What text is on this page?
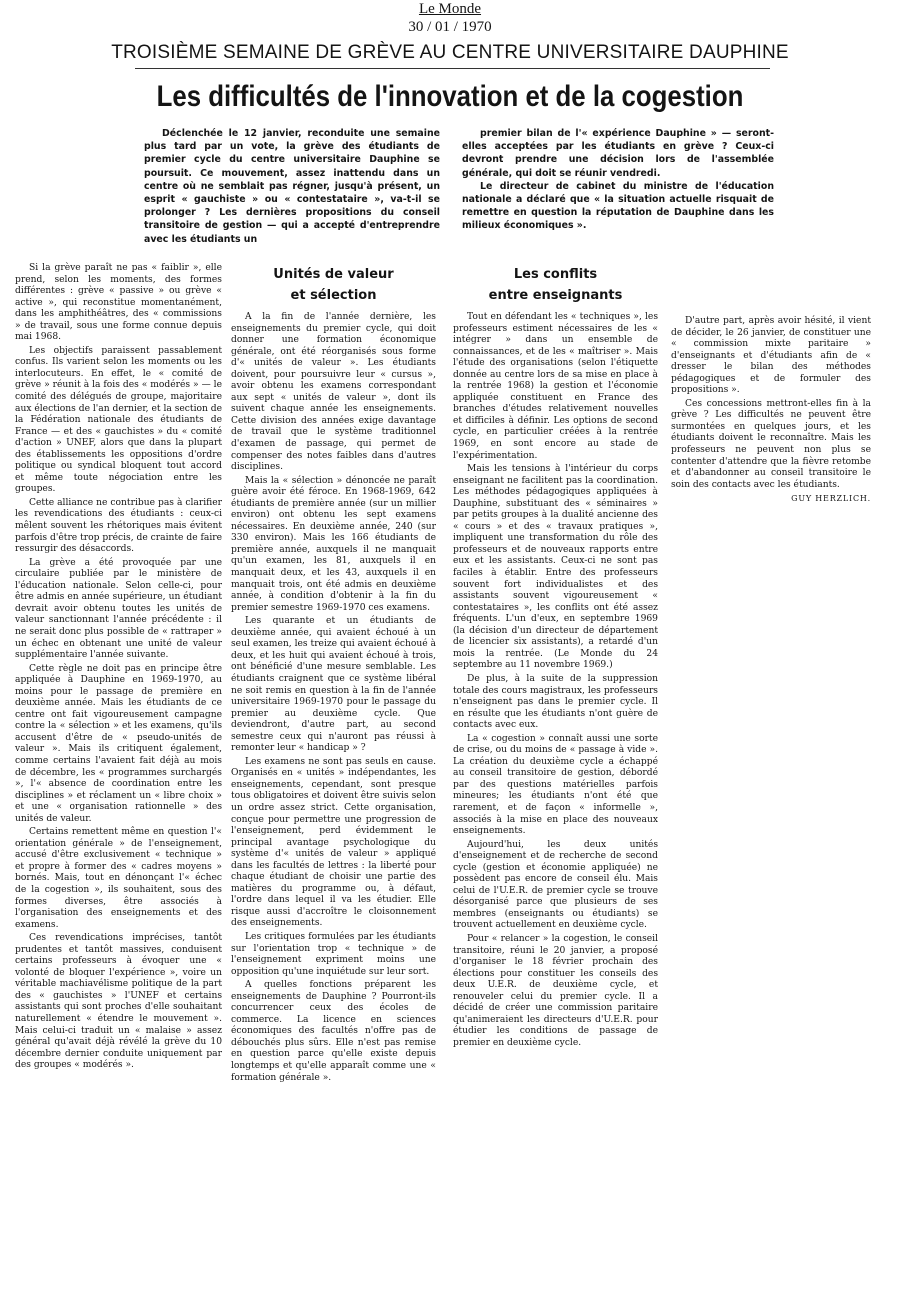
Le Monde
30 / 01 / 1970
TROISIÈME SEMAINE DE GRÈVE AU CENTRE UNIVERSITAIRE DAUPHINE
Les difficultés de l'innovation et de la cogestion

Déclenchée le 12 janvier, reconduite une semaine plus tard par un vote, la grève des étudiants de premier cycle du centre universitaire Dauphine se poursuit. Ce mouvement, assez inattendu dans un centre où ne semblait pas régner, jusqu'à présent, un esprit « gauchiste » ou « contestataire », va-t-il se prolonger ? Les dernières propositions du conseil transitoire de gestion — qui a accepté d'entreprendre avec les étudiants un

premier bilan de l'« expérience Dauphine » — seront-elles acceptées par les étudiants en grève ? Ceux-ci devront prendre une décision lors de l'assemblée générale, qui doit se réunir vendredi.

Le directeur de cabinet du ministre de l'éducation nationale a déclaré que « la situation actuelle risquait de remettre en question la réputation de Dauphine dans les milieux économiques ».

Si la grève paraît ne pas « faiblir », elle prend, selon les moments, des formes différentes : grève « passive » ou grève « active », qui reconstitue momentanément, dans les amphithéâtres, des « commissions » de travail, sous une forme connue depuis mai 1968.

Les objectifs paraissent passablement confus. Ils varient selon les moments ou les interlocuteurs. En effet, le « comité de grève » réunit à la fois des « modérés » — le comité des délégués de groupe, majoritaire aux élections de l'an dernier, et la section de la Fédération nationale des étudiants de France — et des « gauchistes » du « comité d'action » UNEF, alors que dans la plupart des établissements les oppositions d'ordre politique ou syndical bloquent tout accord et même toute négociation entre les groupes.

Cette alliance ne contribue pas à clarifier les revendications des étudiants : ceux-ci mêlent souvent les rhétoriques mais évitent parfois d'être trop précis, de crainte de faire ressurgir des désaccords.

La grève a été provoquée par une circulaire publiée par le ministère de l'éducation nationale. Selon celle-ci, pour être admis en année supérieure, un étudiant devrait avoir obtenu toutes les unités de valeur sanctionnant l'année précédente : il ne serait donc plus possible de « rattraper » un échec en obtenant une unité de valeur supplémentaire l'année suivante.

Cette règle ne doit pas en principe être appliquée à Dauphine en 1969-1970, au moins pour le passage de première en deuxième année. Mais les étudiants de ce centre ont fait vigoureusement campagne contre la « sélection » et les examens, qu'ils accusent d'être de « pseudo-unités de valeur ». Mais ils critiquent également, comme certains l'avaient fait déjà au mois de décembre, les « programmes surchargés », l'« absence de coordination entre les disciplines » et réclament un « libre choix » et une « organisation rationnelle » des unités de valeur.

Certains remettent même en question l'« orientation générale » de l'enseignement, accusé d'être exclusivement « technique » et propre à former des « cadres moyens » bornés. Mais, tout en dénonçant l'« échec de la cogestion », ils souhaitent, sous des formes diverses, être associés à l'organisation des enseignements et des examens.

Ces revendications imprécises, tantôt prudentes et tantôt massives, conduisent certains professeurs à évoquer une « volonté de bloquer l'expérience », voire un véritable machiavélisme politique de la part des « gauchistes » l'UNEF et certains assistants qui sont proches d'elle souhaitant naturellement « étendre le mouvement ». Mais celui-ci traduit un « malaise » assez général qu'avait déjà révélé la grève du 10 décembre dernier conduite uniquement par des groupes « modérés ».

Unités de valeur
et sélection

A la fin de l'année dernière, les enseignements du premier cycle, qui doit donner une formation économique générale, ont été réorganisés sous forme d'« unités de valeur ». Les étudiants doivent, pour poursuivre leur « cursus », avoir obtenu les examens correspondant aux sept « unités de valeur », dont ils suivent chaque année les enseignements. Cette division des années exige davantage de travail que le système traditionnel d'examen de passage, qui permet de compenser des notes faibles dans d'autres disciplines.

Mais la « sélection » dénoncée ne paraît guère avoir été féroce. En 1968-1969, 642 étudiants de première année (sur un millier environ) ont obtenu les sept examens nécessaires. En deuxième année, 240 (sur 330 environ). Mais les 166 étudiants de première année, auxquels il ne manquait qu'un examen, les 81, auxquels il en manquait deux, et les 43, auxquels il en manquait trois, ont été admis en deuxième année, à condition d'obtenir à la fin du premier semestre 1969-1970 ces examens.

Les quarante et un étudiants de deuxième année, qui avaient échoué à un seul examen, les treize qui avaient échoué à deux, et les huit qui avaient échoué à trois, ont bénéficié d'une mesure semblable. Les étudiants craignent que ce système libéral ne soit remis en question à la fin de l'année universitaire 1969-1970 pour le passage du premier au deuxième cycle. Que deviendront, d'autre part, au second semestre ceux qui n'auront pas réussi à remonter leur « handicap » ?

Les examens ne sont pas seuls en cause. Organisés en « unités » indépendantes, les enseignements, cependant, sont presque tous obligatoires et doivent être suivis selon un ordre assez strict. Cette organisation, conçue pour permettre une progression de l'enseignement, perd évidemment le principal avantage psychologique du système d'« unités de valeur » appliqué dans les facultés de lettres : la liberté pour chaque étudiant de choisir une partie des matières du programme ou, à défaut, l'ordre dans lequel il va les étudier. Elle risque aussi d'accroître le cloisonnement des enseignements.

Les critiques formulées par les étudiants sur l'orientation trop « technique » de l'enseignement expriment moins une opposition qu'une inquiétude sur leur sort.

A quelles fonctions préparent les enseignements de Dauphine ? Pourront-ils concurrencer ceux des écoles de commerce. La licence en sciences économiques des facultés n'offre pas de débouchés plus sûrs. Elle n'est pas remise en question parce qu'elle existe depuis longtemps et qu'elle apparaît comme une « formation générale ».

Les conflits
entre enseignants

Tout en défendant les « techniques », les professeurs estiment nécessaires de les « intégrer » dans un ensemble de connaissances, et de les « maîtriser ». Mais l'étude des organisations (selon l'étiquette donnée au centre lors de sa mise en place à la rentrée 1968) la gestion et l'économie appliquée constituent en France des branches d'études relativement nouvelles et difficiles à définir. Les options de second cycle, en particulier créées à la rentrée 1969, en sont encore au stade de l'expérimentation.

Mais les tensions à l'intérieur du corps enseignant ne facilitent pas la coordination. Les méthodes pédagogiques appliquées à Dauphine, substituant des « séminaires » par petits groupes à la dualité ancienne des « cours » et des « travaux pratiques », impliquent une transformation du rôle des professeurs et de nouveaux rapports entre eux et les assistants. Ceux-ci ne sont pas faciles à établir. Entre des professeurs souvent fort individualistes et des assistants souvent vigoureusement « contestataires », les conflits ont été assez fréquents. L'un d'eux, en septembre 1969 (la décision d'un directeur de département de licencier six assistants), a retardé d'un mois la rentrée. (Le Monde du 24 septembre au 11 novembre 1969.)

De plus, à la suite de la suppression totale des cours magistraux, les professeurs n'enseignent pas dans le premier cycle. Il en résulte que les étudiants n'ont guère de contacts avec eux.

La « cogestion » connaît aussi une sorte de crise, ou du moins de « passage à vide ». La création du deuxième cycle a échappé au conseil transitoire de gestion, débordé par des questions matérielles parfois mineures; les étudiants n'ont été que rarement, et de façon « informelle », associés à la mise en place des nouveaux enseignements.

Aujourd'hui, les deux unités d'enseignement et de recherche de second cycle (gestion et économie appliquée) ne possèdent pas encore de conseil élu. Mais celui de l'U.E.R. de premier cycle se trouve désorganisé parce que plusieurs de ses membres (enseignants ou étudiants) se trouvent actuellement en deuxième cycle.

Pour « relancer » la cogestion, le conseil transitoire, réuni le 20 janvier, a proposé d'organiser le 18 février prochain des élections pour constituer les conseils des deux U.E.R. de deuxième cycle, et renouveler celui du premier cycle. Il a décidé de créer une commission paritaire qu'animeraient les directeurs d'U.E.R. pour étudier les conditions de passage de premier en deuxième cycle.

D'autre part, après avoir hésité, il vient de décider, le 26 janvier, de constituer une « commission mixte paritaire » d'enseignants et d'étudiants afin de « dresser le bilan des méthodes pédagogiques et de formuler des propositions ».

Ces concessions mettront-elles fin à la grève ? Les difficultés ne peuvent être surmontées en quelques jours, et les étudiants doivent le reconnaître. Mais les professeurs ne peuvent non plus se contenter d'attendre que la fièvre retombe et d'abandonner au conseil transitoire le soin des contacts avec les étudiants.

GUY HERZLICH.
